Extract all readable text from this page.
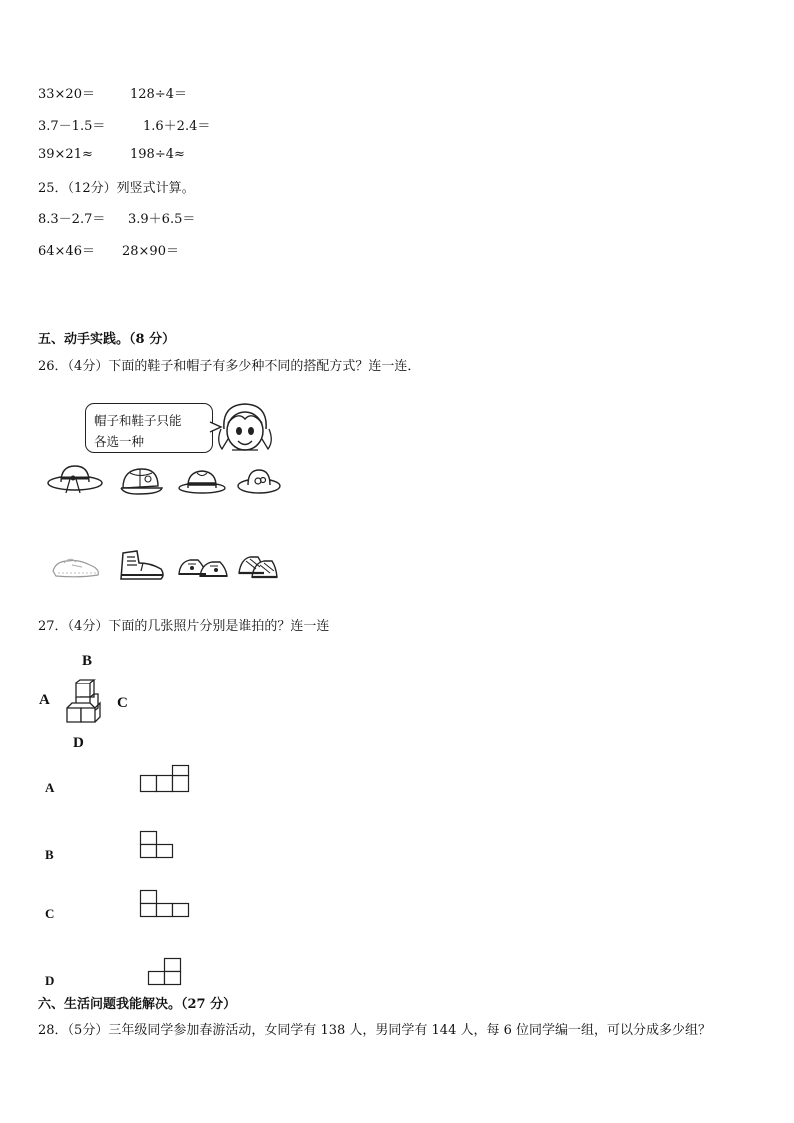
33×20＝	128÷4＝
3.7－1.5＝	1.6＋2.4＝
39×21≈	198÷4≈
25．（12分）列竖式计算。
8.3－2.7＝ 3.9＋6.5＝
64×46＝ 28×90＝
五、动手实践。（8 分）
26．（4分）下面的鞋子和帽子有多少种不同的搭配方式？连一连．
帽子和鞋子只能
各选一种
27．（4分）下面的几张照片分别是谁拍的？连一连
B
A	C
D
A
B
C
D
六、生活问题我能解决。（27 分）
28．（5分）三年级同学参加春游活动，女同学有 138 人，男同学有 144 人，每 6 位同学编一组，可以分成多少组？
